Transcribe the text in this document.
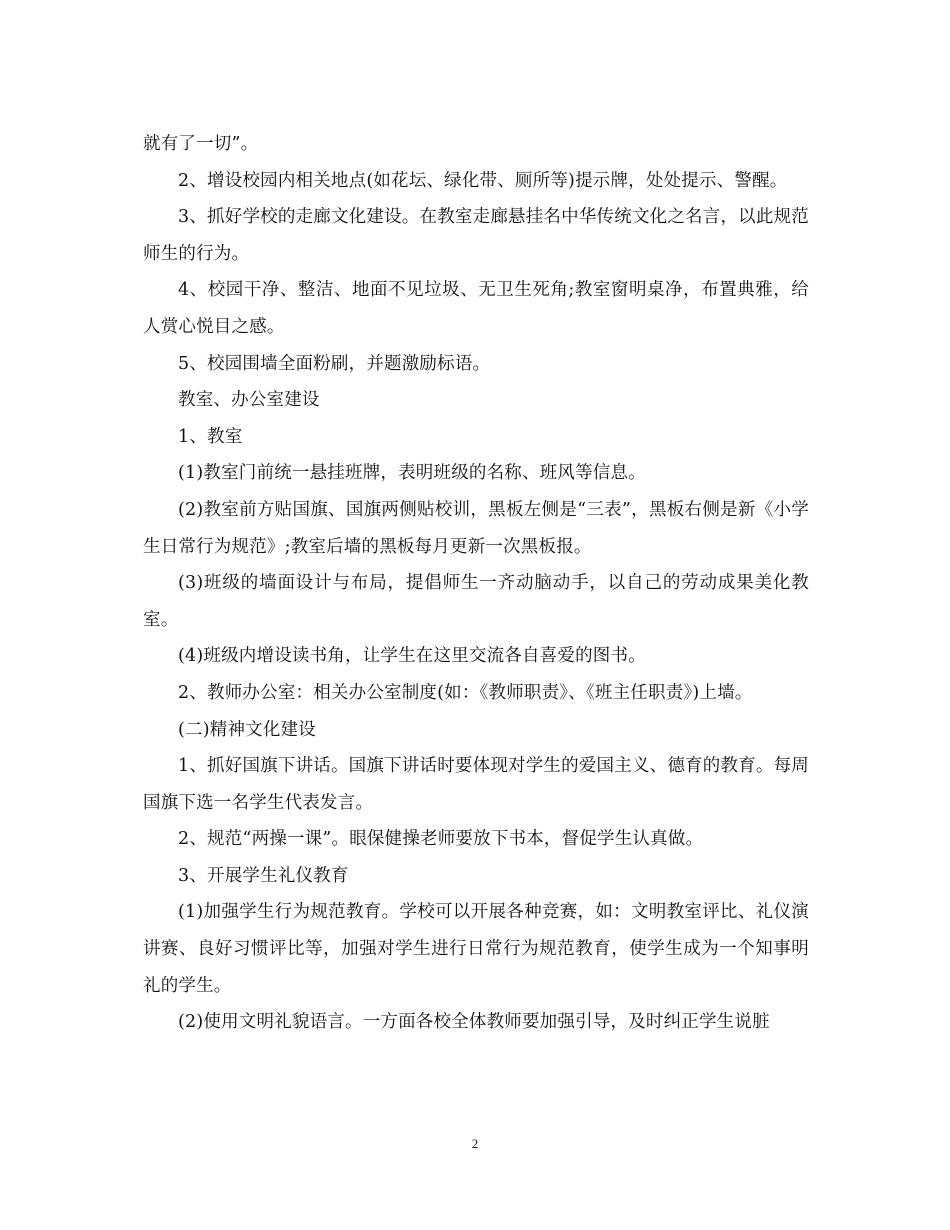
就有了一切”。

2、增设校园内相关地点(如花坛、绿化带、厕所等)提示牌，处处提示、警醒。

3、抓好学校的走廊文化建设。在教室走廊悬挂名中华传统文化之名言，以此规范师生的行为。

4、校园干净、整洁、地面不见垃圾、无卫生死角;教室窗明桌净，布置典雅，给人赏心悦目之感。

5、校园围墙全面粉刷，并题激励标语。

教室、办公室建设

1、教室

(1)教室门前统一悬挂班牌，表明班级的名称、班风等信息。

(2)教室前方贴国旗、国旗两侧贴校训，黑板左侧是“三表”，黑板右侧是新《小学生日常行为规范》;教室后墙的黑板每月更新一次黑板报。

(3)班级的墙面设计与布局，提倡师生一齐动脑动手，以自己的劳动成果美化教室。

(4)班级内增设读书角，让学生在这里交流各自喜爱的图书。

2、教师办公室：相关办公室制度(如：《教师职责》、《班主任职责》)上墙。

(二)精神文化建设

1、抓好国旗下讲话。国旗下讲话时要体现对学生的爱国主义、德育的教育。每周国旗下选一名学生代表发言。

2、规范“两操一课”。眼保健操老师要放下书本，督促学生认真做。

3、开展学生礼仪教育

(1)加强学生行为规范教育。学校可以开展各种竞赛，如：文明教室评比、礼仪演讲赛、良好习惯评比等，加强对学生进行日常行为规范教育，使学生成为一个知事明礼的学生。

(2)使用文明礼貌语言。一方面各校全体教师要加强引导，及时纠正学生说脏

2
